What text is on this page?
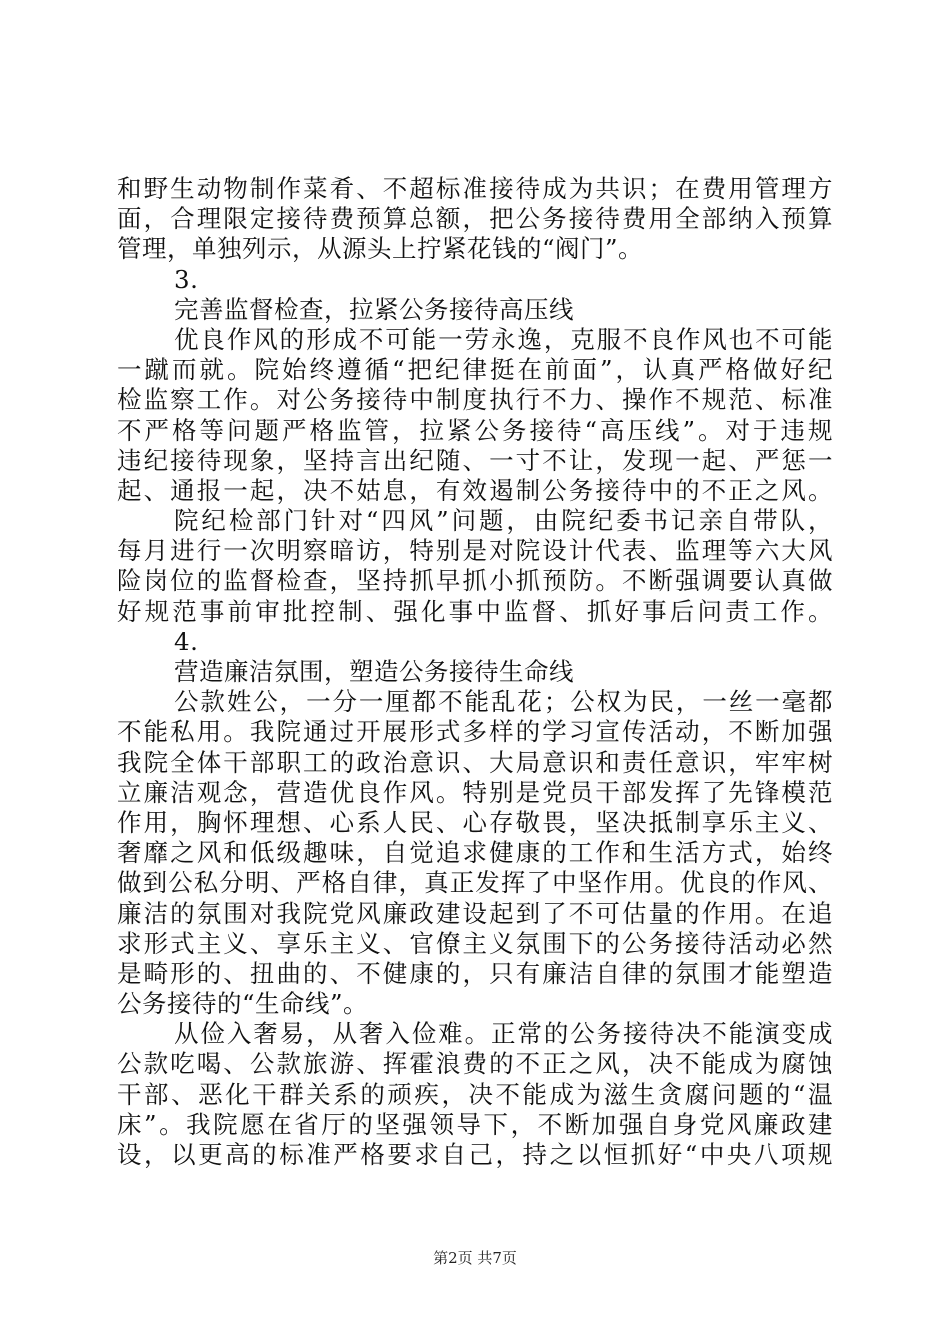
和野生动物制作菜肴、不超标准接待成为共识；在费用管理方
面，合理限定接待费预算总额，把公务接待费用全部纳入预算
管理，单独列示，从源头上拧紧花钱的“阀门”。
3.
完善监督检查，拉紧公务接待高压线
优良作风的形成不可能一劳永逸，克服不良作风也不可能
一蹴而就。院始终遵循“把纪律挺在前面”，认真严格做好纪
检监察工作。对公务接待中制度执行不力、操作不规范、标准
不严格等问题严格监管，拉紧公务接待“高压线”。对于违规
违纪接待现象，坚持言出纪随、一寸不让，发现一起、严惩一
起、通报一起，决不姑息，有效遏制公务接待中的不正之风。
院纪检部门针对“四风”问题，由院纪委书记亲自带队，
每月进行一次明察暗访，特别是对院设计代表、监理等六大风
险岗位的监督检查，坚持抓早抓小抓预防。不断强调要认真做
好规范事前审批控制、强化事中监督、抓好事后问责工作。
4.
营造廉洁氛围，塑造公务接待生命线
公款姓公，一分一厘都不能乱花；公权为民，一丝一毫都
不能私用。我院通过开展形式多样的学习宣传活动，不断加强
我院全体干部职工的政治意识、大局意识和责任意识，牢牢树
立廉洁观念，营造优良作风。特别是党员干部发挥了先锋模范
作用，胸怀理想、心系人民、心存敬畏，坚决抵制享乐主义、
奢靡之风和低级趣味，自觉追求健康的工作和生活方式，始终
做到公私分明、严格自律，真正发挥了中坚作用。优良的作风、
廉洁的氛围对我院党风廉政建设起到了不可估量的作用。在追
求形式主义、享乐主义、官僚主义氛围下的公务接待活动必然
是畸形的、扭曲的、不健康的，只有廉洁自律的氛围才能塑造
公务接待的“生命线”。
从俭入奢易，从奢入俭难。正常的公务接待决不能演变成
公款吃喝、公款旅游、挥霍浪费的不正之风，决不能成为腐蚀
干部、恶化干群关系的顽疾，决不能成为滋生贪腐问题的“温
床”。我院愿在省厅的坚强领导下，不断加强自身党风廉政建
设，以更高的标准严格要求自己，持之以恒抓好“中央八项规
第2页 共7页
